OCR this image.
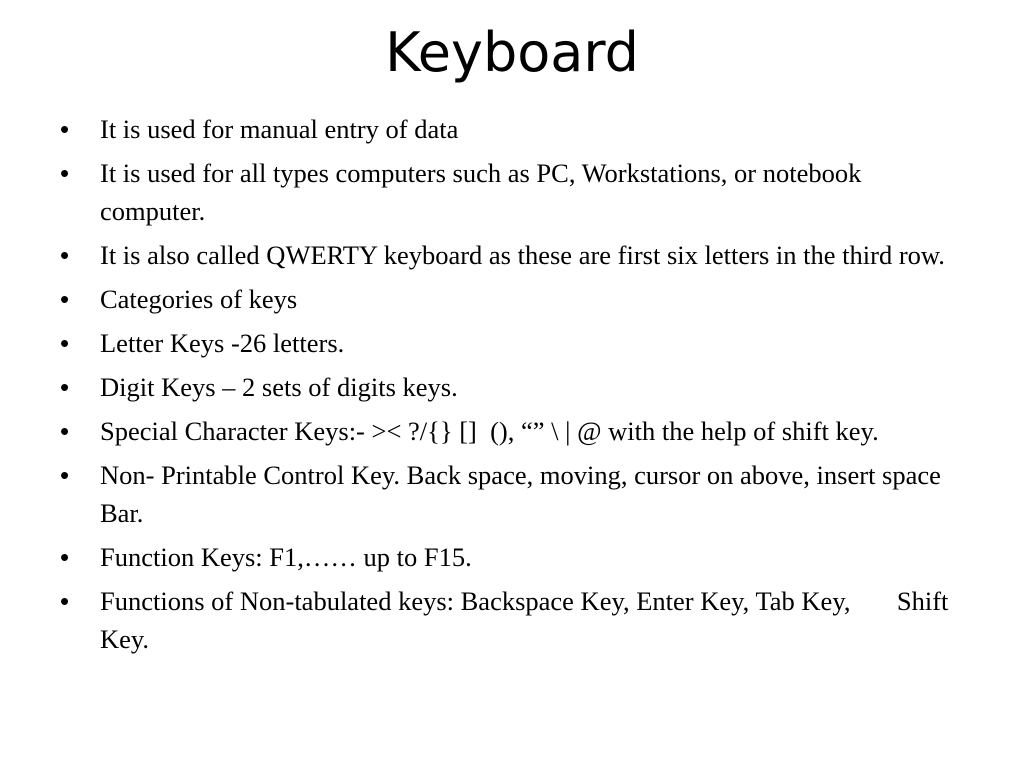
Keyboard
•	It is used for manual entry of data
•	It is used for all types computers such as PC, Workstations, or notebook computer.
•	It is also called QWERTY keyboard as these are first six letters in the third row.
•	Categories of keys
•	Letter Keys -26 letters.
•	Digit Keys – 2 sets of digits keys.
•	Special Character Keys:- >< ?/{} []  (), “” \ | @ with the help of shift key.
•	Non- Printable Control Key. Back space, moving, cursor on above, insert space Bar.
•	Function Keys: F1,…… up to F15.
•	Functions of Non-tabulated keys: Backspace Key, Enter Key, Tab Key,       Shift Key.
